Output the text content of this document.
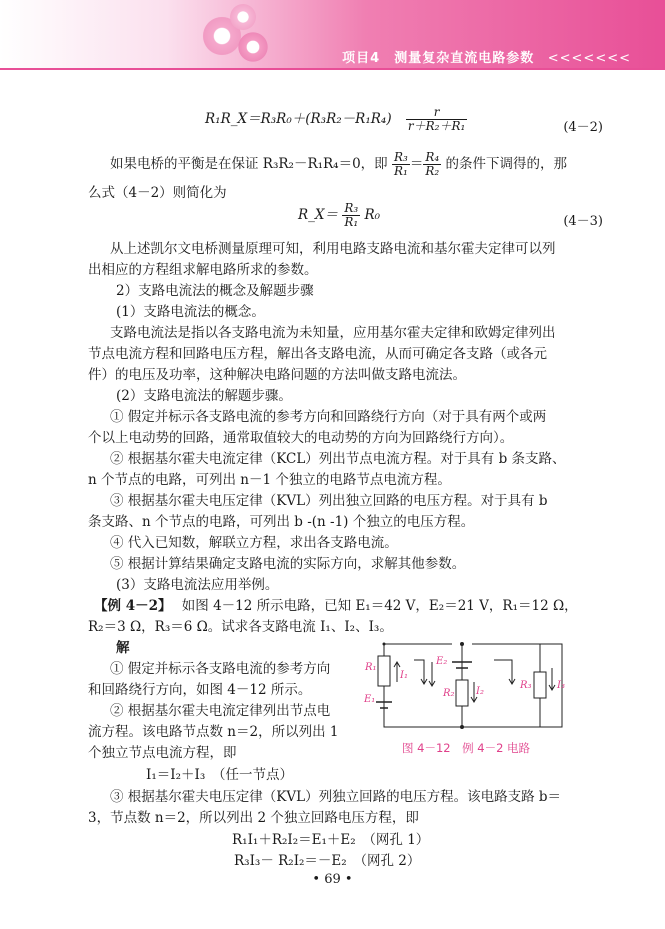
项目4　测量复杂直流电路参数 <<<<<<<
R₁R_X＝R₃R₀＋(R₃R₂－R₁R₄) $\frac{r}{\text{r＋R₂＋R₁}}$	(4－2)
如果电桥的平衡是在保证 R₃R₂－R₁R₄＝0，即 $\frac{\text{R₃}}{\text{R₁}} = \frac{\text{R₄}}{\text{R₂}}$ 的条件下调得的，那
么式（4－2）则简化为
R_X＝ $\frac{\text{R₃}}{\text{R₁}} R_0$	(4－3)
从上述凯尔文电桥测量原理可知，利用电路支路电流和基尔霍夫定律可以列
出相应的方程组求解电路所求的参数。
2）支路电流法的概念及解题步骤
(1）支路电流法的概念。
支路电流法是指以各支路电流为未知量，应用基尔霍夫定律和欧姆定律列出
节点电流方程和回路电压方程，解出各支路电流，从而可确定各支路（或各元
件）的电压及功率，这种解决电路问题的方法叫做支路电流法。
(2）支路电流法的解题步骤。
① 假定并标示各支路电流的参考方向和回路绕行方向（对于具有两个或两
个以上电动势的回路，通常取值较大的电动势的方向为回路绕行方向）。
② 根据基尔霍夫电流定律（KCL）列出节点电流方程。对于具有 b 条支路、
n 个节点的电路，可列出 n－1 个独立的电路节点电流方程。
③ 根据基尔霍夫电压定律（KVL）列出独立回路的电压方程。对于具有 b
条支路、n 个节点的电路，可列出 b -(n -1) 个独立的电压方程。
④ 代入已知数，解联立方程，求出各支路电流。
⑤ 根据计算结果确定支路电流的实际方向，求解其他参数。
(3）支路电流法应用举例。
【例 4－2】 如图 4－12 所示电路，已知 E₁＝42 V，E₂＝21 V，R₁＝12 Ω，
R₂＝3 Ω，R₃＝6 Ω。试求各支路电流 I₁、I₂、I₃。
解
① 假定并标示各支路电流的参考方向
和回路绕行方向，如图 4－12 所示。
② 根据基尔霍夫电流定律列出节点电
流方程。该电路节点数 n＝2，所以列出 1
个独立节点电流方程，即
I₁＝I₂＋I₃　（任一节点）
③ 根据基尔霍夫电压定律（KVL）列独立回路的电压方程。该电路支路 b＝
3，节点数 n＝2，所以列出 2 个独立回路电压方程，即
R₁I₁＋R₂I₂＝E₁＋E₂　（网孔 1）
R₃I₃－ R₂I₂＝－E₂　（网孔 2）
R₁
I₁
E₁
E₂
R₂ I₂
R₃	I₃
图 4－12　例 4－2 电路
• 69 •
